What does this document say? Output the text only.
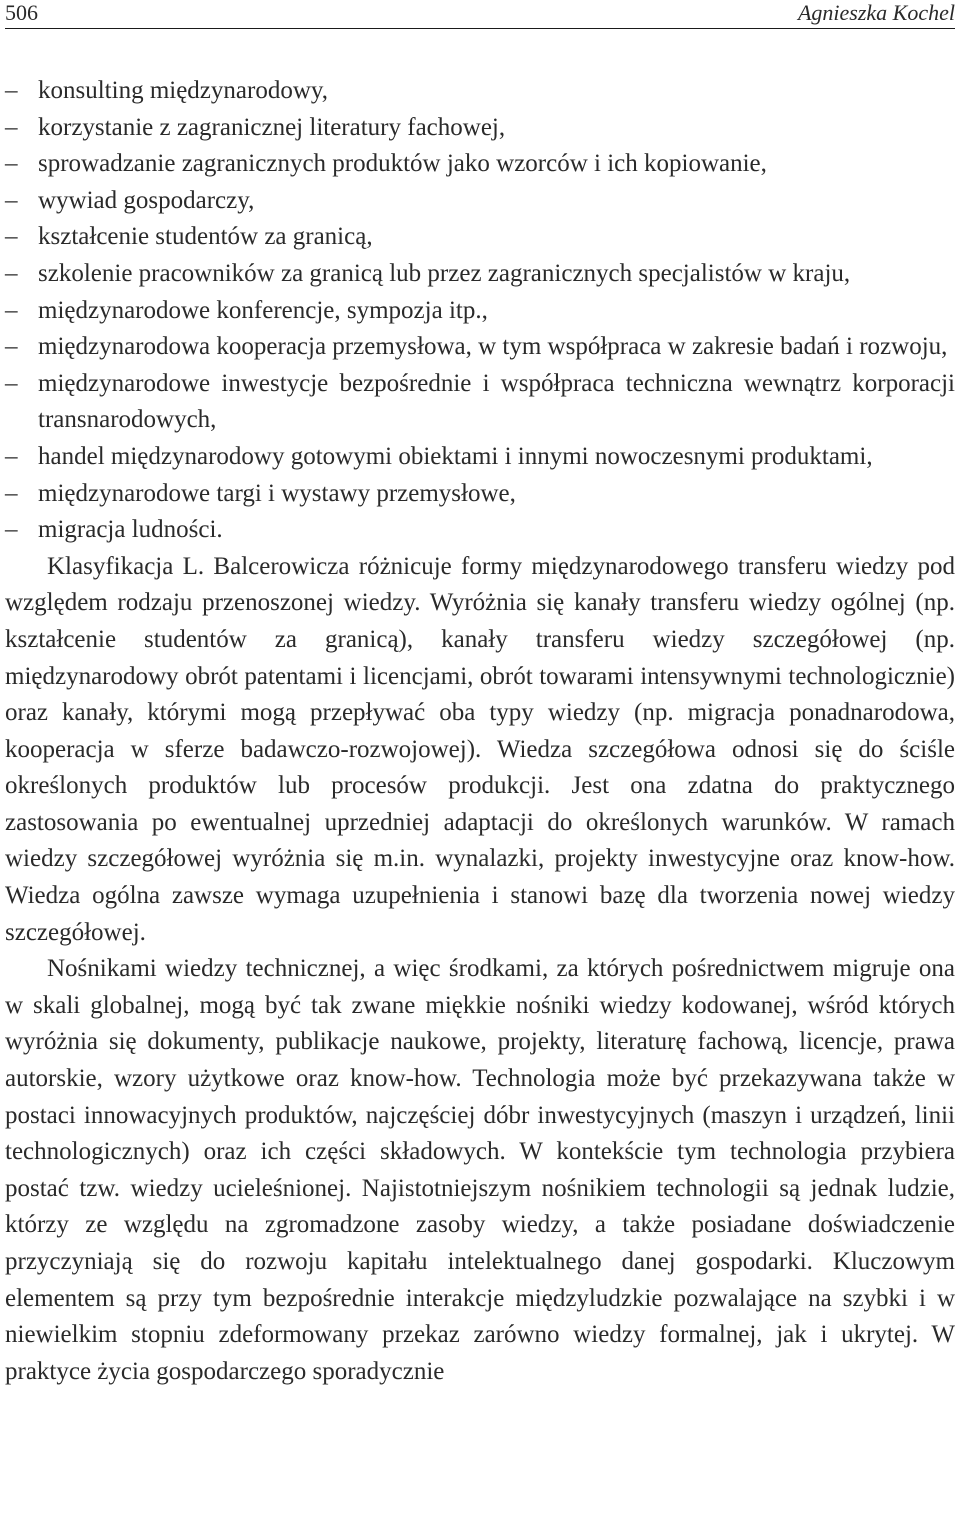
506	Agnieszka Kochel
– konsulting międzynarodowy,
– korzystanie z zagranicznej literatury fachowej,
– sprowadzanie zagranicznych produktów jako wzorców i ich kopiowanie,
– wywiad gospodarczy,
– kształcenie studentów za granicą,
– szkolenie pracowników za granicą lub przez zagranicznych specjalistów w kraju,
– międzynarodowe konferencje, sympozja itp.,
– międzynarodowa kooperacja przemysłowa, w tym współpraca w zakresie badań i rozwoju,
– międzynarodowe inwestycje bezpośrednie i współpraca techniczna wewnątrz korporacji transnarodowych,
– handel międzynarodowy gotowymi obiektami i innymi nowoczesnymi produktami,
– międzynarodowe targi i wystawy przemysłowe,
– migracja ludności.

Klasyfikacja L. Balcerowicza różnicuje formy międzynarodowego transferu wiedzy pod względem rodzaju przenoszonej wiedzy. Wyróżnia się kanały transferu wiedzy ogólnej (np. kształcenie studentów za granicą), kanały transferu wiedzy szczegółowej (np. międzynarodowy obrót patentami i licencjami, obrót towarami intensywnymi technologicznie) oraz kanały, którymi mogą przepływać oba typy wiedzy (np. migracja ponadnarodowa, kooperacja w sferze badawczo-rozwojowej). Wiedza szczegółowa odnosi się do ściśle określonych produktów lub procesów produkcji. Jest ona zdatna do praktycznego zastosowania po ewentualnej uprzedniej adaptacji do określonych warunków. W ramach wiedzy szczegółowej wyróżnia się m.in. wynalazki, projekty inwestycyjne oraz know-how. Wiedza ogólna zawsze wymaga uzupełnienia i stanowi bazę dla tworzenia nowej wiedzy szczegółowej.

Nośnikami wiedzy technicznej, a więc środkami, za których pośrednictwem migruje ona w skali globalnej, mogą być tak zwane miękkie nośniki wiedzy kodowanej, wśród których wyróżnia się dokumenty, publikacje naukowe, projekty, literaturę fachową, licencje, prawa autorskie, wzory użytkowe oraz know-how. Technologia może być przekazywana także w postaci innowacyjnych produktów, najczęściej dóbr inwestycyjnych (maszyn i urządzeń, linii technologicznych) oraz ich części składowych. W kontekście tym technologia przybiera postać tzw. wiedzy ucieleśnionej. Najistotniejszym nośnikiem technologii są jednak ludzie, którzy ze względu na zgromadzone zasoby wiedzy, a także posiadane doświadczenie przyczyniają się do rozwoju kapitału intelektualnego danej gospodarki. Kluczowym elementem są przy tym bezpośrednie interakcje międzyludzkie pozwalające na szybki i w niewielkim stopniu zdeformowany przekaz zarówno wiedzy formalnej, jak i ukrytej. W praktyce życia gospodarczego sporadycznie
